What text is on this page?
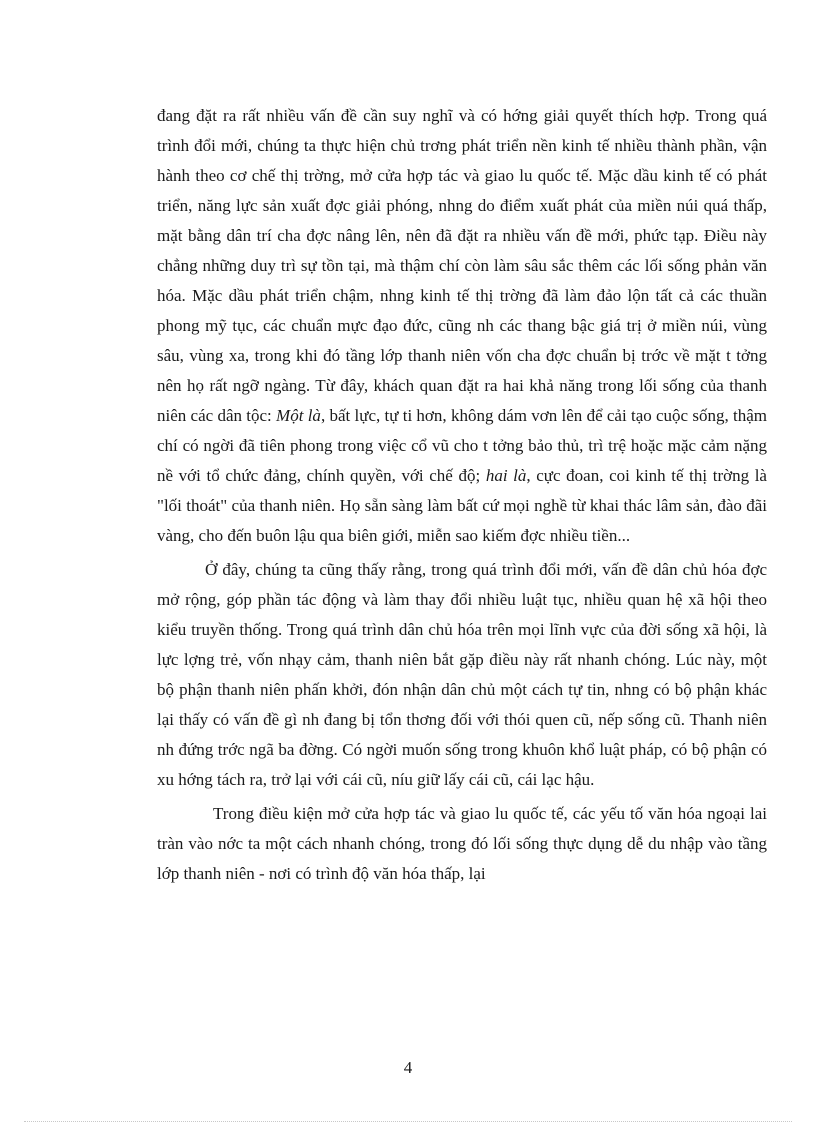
đang đặt ra rất nhiều vấn đề cần suy nghĩ và có hớng giải quyết thích hợp. Trong quá trình đổi mới, chúng ta thực hiện chủ trơng phát triển nền kinh tế nhiều thành phần, vận hành theo cơ chế thị trờng, mở cửa hợp tác và giao lu quốc tế. Mặc dầu kinh tế có phát triển, năng lực sản xuất đợc giải phóng, nhng do điểm xuất phát của miền núi quá thấp, mặt bằng dân trí cha đợc nâng lên, nên đã đặt ra nhiều vấn đề mới, phức tạp. Điều này chẳng những duy trì sự tồn tại, mà thậm chí còn làm sâu sắc thêm các lối sống phản văn hóa. Mặc dầu phát triển chậm, nhng kinh tế thị trờng đã làm đảo lộn tất cả các thuần phong mỹ tục, các chuẩn mực đạo đức, cũng nh các thang bậc giá trị ở miền núi, vùng sâu, vùng xa, trong khi đó tầng lớp thanh niên vốn cha đợc chuẩn bị trớc về mặt t tởng nên họ rất ngỡ ngàng. Từ đây, khách quan đặt ra hai khả năng trong lối sống của thanh niên các dân tộc: Một là, bất lực, tự ti hơn, không dám vơn lên để cải tạo cuộc sống, thậm chí có ngời đã tiên phong trong việc cổ vũ cho t tởng bảo thủ, trì trệ hoặc mặc cảm nặng nề với tổ chức đảng, chính quyền, với chế độ; hai là, cực đoan, coi kinh tế thị trờng là "lối thoát" của thanh niên. Họ sẵn sàng làm bất cứ mọi nghề từ khai thác lâm sản, đào đãi vàng, cho đến buôn lậu qua biên giới, miễn sao kiếm đợc nhiều tiền...

Ở đây, chúng ta cũng thấy rằng, trong quá trình đổi mới, vấn đề dân chủ hóa đợc mở rộng, góp phần tác động và làm thay đổi nhiều luật tục, nhiều quan hệ xã hội theo kiểu truyền thống. Trong quá trình dân chủ hóa trên mọi lĩnh vực của đời sống xã hội, là lực lợng trẻ, vốn nhạy cảm, thanh niên bắt gặp điều này rất nhanh chóng. Lúc này, một bộ phận thanh niên phấn khởi, đón nhận dân chủ một cách tự tin, nhng có bộ phận khác lại thấy có vấn đề gì nh đang bị tổn thơng đối với thói quen cũ, nếp sống cũ. Thanh niên nh đứng trớc ngã ba đờng. Có ngời muốn sống trong khuôn khổ luật pháp, có bộ phận có xu hớng tách ra, trở lại với cái cũ, níu giữ lấy cái cũ, cái lạc hậu.

Trong điều kiện mở cửa hợp tác và giao lu quốc tế, các yếu tố văn hóa ngoại lai tràn vào nớc ta một cách nhanh chóng, trong đó lối sống thực dụng dễ du nhập vào tầng lớp thanh niên - nơi có trình độ văn hóa thấp, lại

4
